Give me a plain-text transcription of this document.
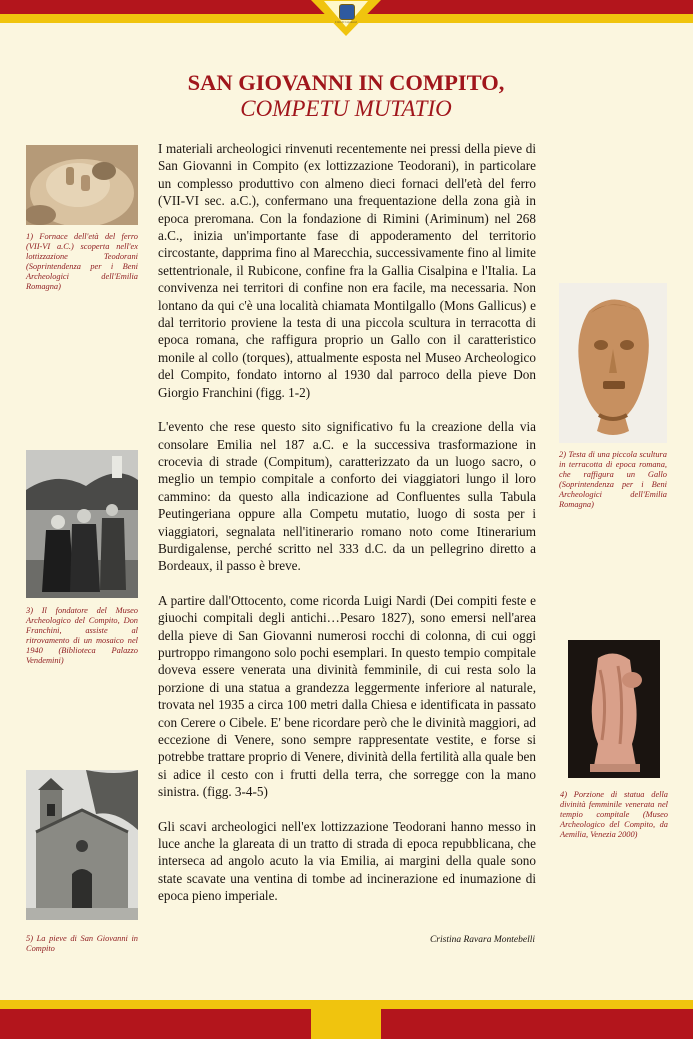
Città di Capannori
SAN GIOVANNI IN COMPITO,
COMPETU MUTATIO

I materiali archeologici rinvenuti recentemente nei pressi della pieve di San Giovanni in Compito (ex lottizzazione Teodorani), in particolare un complesso produttivo con almeno dieci fornaci dell'età del ferro (VII-VI sec. a.C.), confermano una frequentazione della zona già in epoca preromana. Con la fondazione di Rimini (Ariminum) nel 268 a.C., inizia un'importante fase di appoderamento del territorio circostante, dapprima fino al Marecchia, successivamente fino al limite settentrionale, il Rubicone, confine fra la Gallia Cisalpina e l'Italia. La convivenza nei territori di confine non era facile, ma necessaria. Non lontano da qui c'è una località chiamata Montilgallo (Mons Gallicus) e dal territorio proviene la testa di una piccola scultura in terracotta di epoca romana, che raffigura proprio un Gallo con il caratteristico monile al collo (torques), attualmente esposta nel Museo Archeologico del Compito, fondato intorno al 1930 dal parroco della pieve Don Giorgio Franchini (figg. 1-2)

L'evento che rese questo sito significativo fu la creazione della via consolare Emilia nel 187 a.C. e la successiva trasformazione in crocevia di strade (Compitum), caratterizzato da un luogo sacro, o meglio un tempio compitale a conforto dei viaggiatori lungo il loro cammino: da questo alla indicazione ad Confluentes sulla Tabula Peutingeriana oppure alla Competu mutatio, luogo di sosta per i viaggiatori, segnalata nell'itinerario romano noto come Itinerarium Burdigalense, perché scritto nel 333 d.C. da un pellegrino diretto a Bordeaux, il passo è breve.

A partire dall'Ottocento, come ricorda Luigi Nardi (Dei compiti feste e giuochi compitali degli antichi…Pesaro 1827), sono emersi nell'area della pieve di San Giovanni numerosi rocchi di colonna, di cui oggi purtroppo rimangono solo pochi esemplari. In questo tempio compitale doveva essere venerata una divinità femminile, di cui resta solo la porzione di una statua a grandezza leggermente inferiore al naturale, trovata nel 1935 a circa 100 metri dalla Chiesa e identificata in passato con Cerere o Cibele. E' bene ricordare però che le divinità maggiori, ad eccezione di Venere, sono sempre rappresentate vestite, e forse si potrebbe trattare proprio di Venere, divinità della fertilità alla quale ben si adice il cesto con i frutti della terra, che sorregge con la mano sinistra. (figg. 3-4-5)

Gli scavi archeologici nell'ex lottizzazione Teodorani hanno messo in luce anche la glareata di un tratto di strada di epoca repubblicana, che interseca ad angolo acuto la via Emilia, ai margini della quale sono state scavate una ventina di tombe ad incinerazione ed inumazione di epoca pieno imperiale.

Cristina Ravara Montebelli
1) Fornace dell'età del ferro (VII-VI a.C.) scoperta nell'ex lottizzazione Teodorani (Soprintendenza per i Beni Archeologici dell'Emilia Romagna)
2) Testa di una piccola scultura in terracotta di epoca romana, che raffigura un Gallo (Soprintendenza per i Beni Archeologici dell'Emilia Romagna)
3) Il fondatore del Museo Archeologico del Compito, Don Franchini, assiste al ritrovamento di un mosaico nel 1940 (Biblioteca Palazzo Vendemini)
4) Porzione di statua della divinità femminile venerata nel tempio compitale (Museo Archeologico del Compito, da Aemilia, Venezia 2000)
5) La pieve di San Giovanni in Compito
